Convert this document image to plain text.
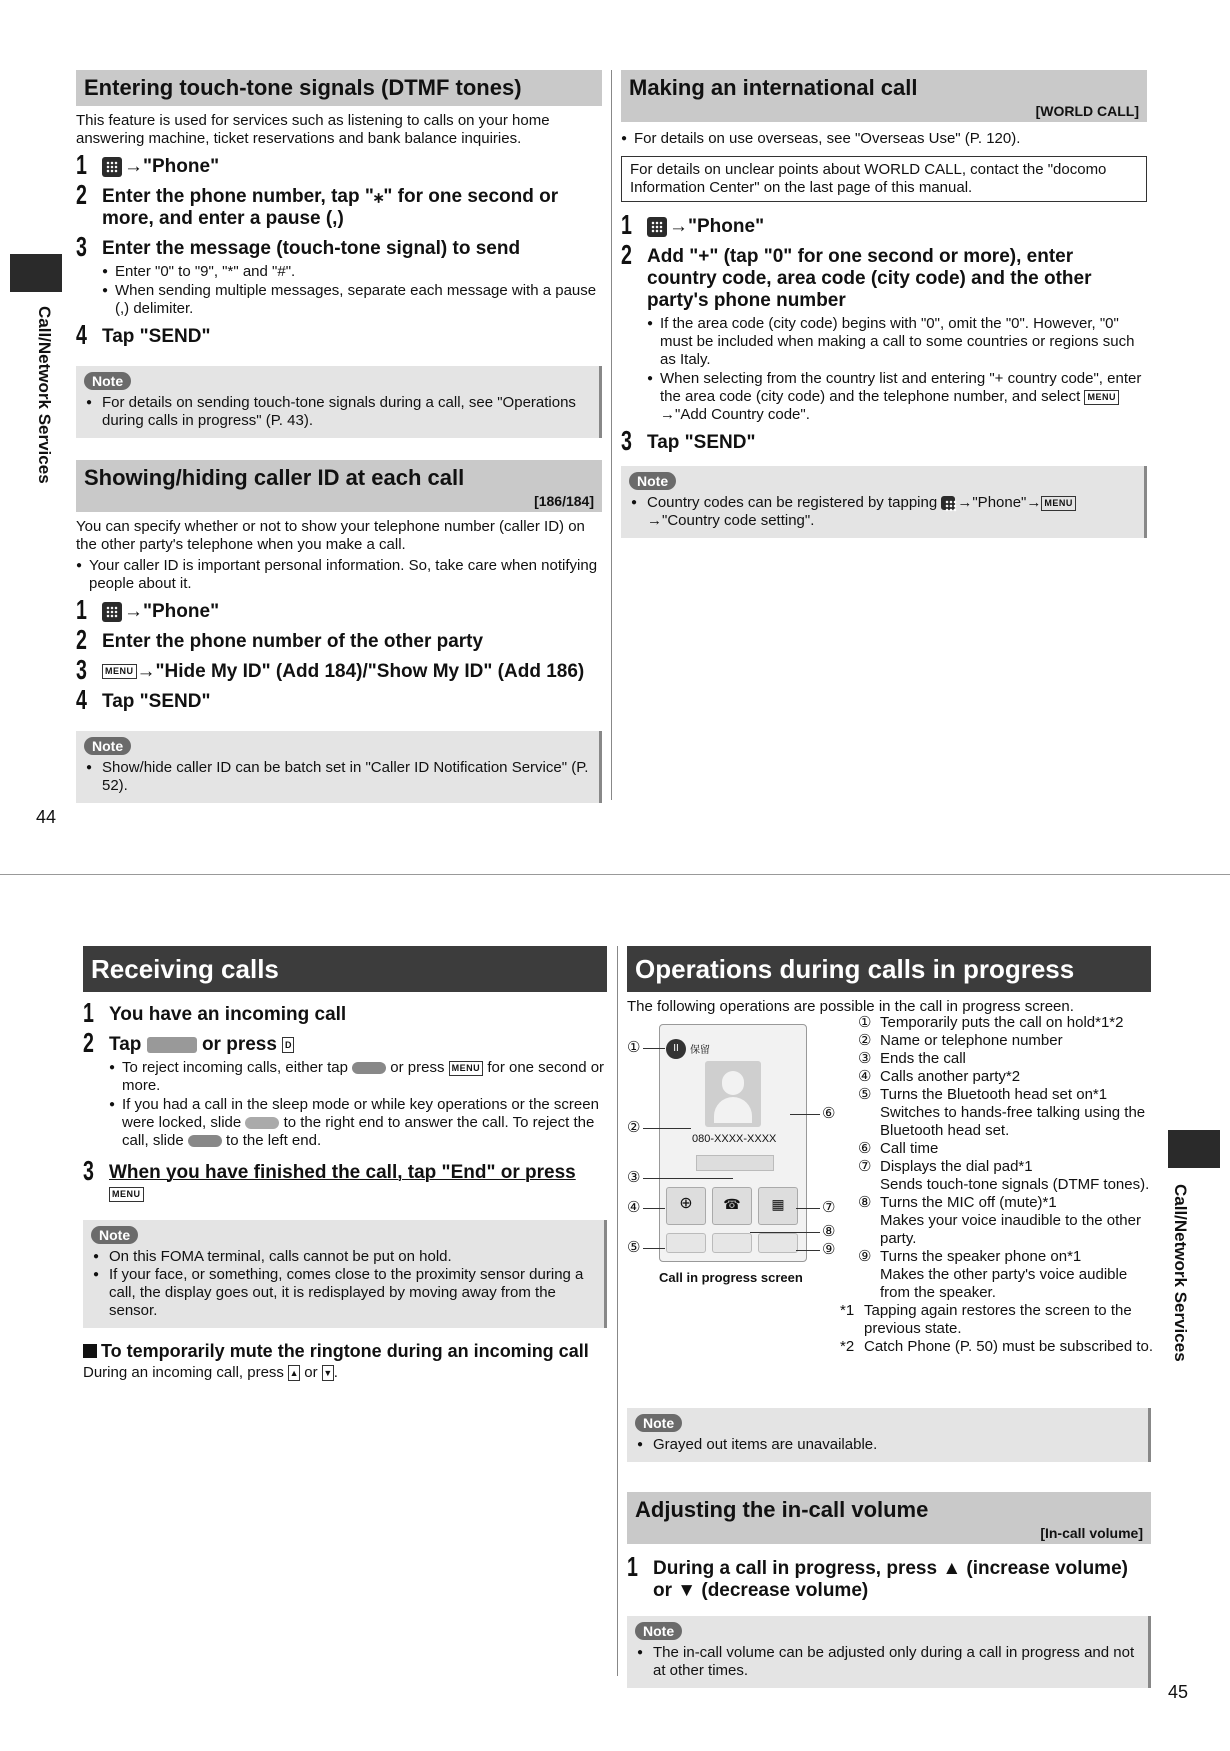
Call/Network Services
44
Entering touch-tone signals (DTMF tones)

This feature is used for services such as listening to calls on your home answering machine, ticket reservations and bank balance inquiries.

1 →"Phone"
2 Enter the phone number, tap "⁎" for one second or more, and enter a pause (,)
3 Enter the message (touch-tone signal) to send
● Enter "0" to "9", "*" and "#".
● When sending multiple messages, separate each message with a pause (,) delimiter.
4 Tap "SEND"
Note
● For details on sending touch-tone signals during a call, see "Operations during calls in progress" (P. 43).
Showing/hiding caller ID at each call
[186/184]

You can specify whether or not to show your telephone number (caller ID) on the other party's telephone when you make a call.

● Your caller ID is important personal information. So, take care when notifying people about it.
1 →"Phone"
2 Enter the phone number of the other party
3 MENU →"Hide My ID" (Add 184)/"Show My ID" (Add 186)
4 Tap "SEND"
Note
● Show/hide caller ID can be batch set in "Caller ID Notification Service" (P. 52).
Making an international call
[WORLD CALL]
● For details on use overseas, see "Overseas Use" (P. 120).
For details on unclear points about WORLD CALL, contact the "docomo Information Center" on the last page of this manual.
1 →"Phone"
2 Add "+" (tap "0" for one second or more), enter country code, area code (city code) and the other party's phone number
● If the area code (city code) begins with "0", omit the "0". However, "0" must be included when making a call to some countries or regions such as Italy.
● When selecting from the country list and entering "+ country code", enter the area code (city code) and the telephone number, and select MENU→"Add Country code".
3 Tap "SEND"
Note
● Country codes can be registered by tapping →"Phone"→ MENU →"Country code setting".
Call/Network Services
45
Receiving calls
1 You have an incoming call
2 Tap	or press D
● To reject incoming calls, either tap	or press MENU for one second or more.
● If you had a call in the sleep mode or while key operations or the screen were locked, slide	to the right end to answer the call. To reject the call, slide	to the left end.
3 When you have finished the call, tap "End" or press MENU
Note
● On this FOMA terminal, calls cannot be put on hold.
● If your face, or something, comes close to the proximity sensor during a call, the display goes out, it is redisplayed by moving away from the sensor.
To temporarily mute the ringtone during an incoming call

During an incoming call, press ▲ or ▼ .

Operations during calls in progress

The following operations are possible in the call in progress screen.

II	保留
080-XXXX-XXXX
⊕	☎	▦
①
②
③
④
⑤
⑥
⑦
⑧
⑨
Call in progress screen
① Temporarily puts the call on hold*1*2
② Name or telephone number
③ Ends the call
④ Calls another party*2
⑤ Turns the Bluetooth head set on*1
Switches to hands-free talking using the Bluetooth head set.
⑥ Call time
⑦ Displays the dial pad*1
Sends touch-tone signals (DTMF tones).
⑧ Turns the MIC off (mute)*1
Makes your voice inaudible to the other party.
⑨ Turns the speaker phone on*1
Makes the other party's voice audible from the speaker.
*1 Tapping again restores the screen to the previous state.
*2 Catch Phone (P. 50) must be subscribed to.
Note
● Grayed out items are unavailable.
Adjusting the in-call volume
[In-call volume]
1 During a call in progress, press ▲ (increase volume) or ▼ (decrease volume)
Note
● The in-call volume can be adjusted only during a call in progress and not at other times.
